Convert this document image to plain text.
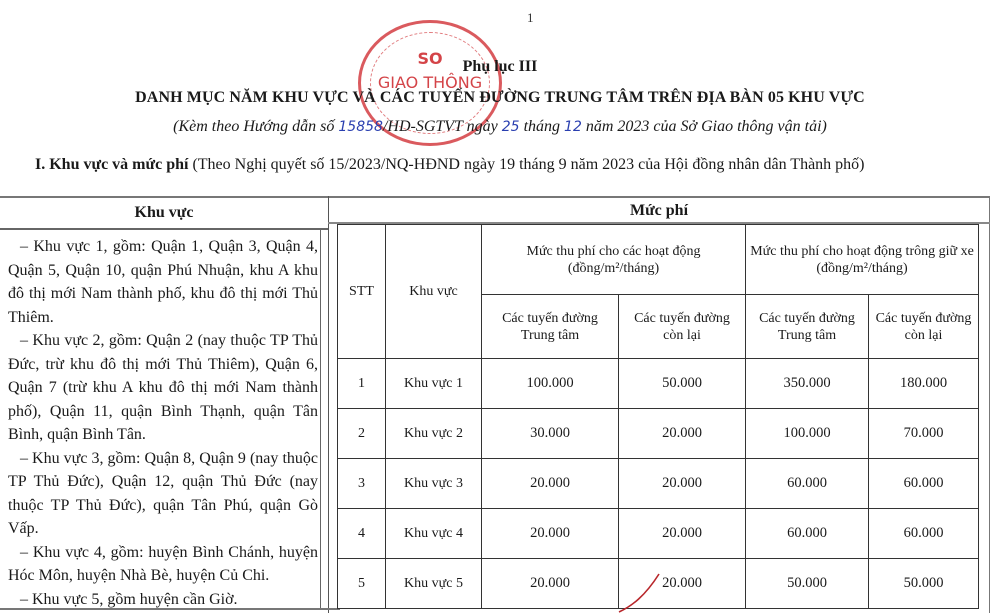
1
SO
GIAO THÔNG
Phụ lục III
DANH MỤC NĂM KHU VỰC VÀ CÁC TUYẾN ĐƯỜNG TRUNG TÂM TRÊN ĐỊA BÀN 05 KHU VỰC
(Kèm theo Hướng dẫn số 15858/HD-SGTVT ngày 25 tháng 12 năm 2023 của Sở Giao thông vận tải)
I. Khu vực và mức phí (Theo Nghị quyết số 15/2023/NQ-HĐND ngày 19 tháng 9 năm 2023 của Hội đồng nhân dân Thành phố)
Khu vực	Mức phí

– Khu vực 1, gồm: Quận 1, Quận 3, Quận 4, Quận 5, Quận 10, quận Phú Nhuận, khu A khu đô thị mới Nam thành phố, khu đô thị mới Thủ Thiêm.

– Khu vực 2, gồm: Quận 2 (nay thuộc TP Thủ Đức, trừ khu đô thị mới Thủ Thiêm), Quận 6, Quận 7 (trừ khu A khu đô thị mới Nam thành phố), Quận 11, quận Bình Thạnh, quận Tân Bình, quận Bình Tân.

– Khu vực 3, gồm: Quận 8, Quận 9 (nay thuộc TP Thủ Đức), Quận 12, quận Thủ Đức (nay thuộc TP Thủ Đức), quận Tân Phú, quận Gò Vấp.

– Khu vực 4, gồm: huyện Bình Chánh, huyện Hóc Môn, huyện Nhà Bè, huyện Củ Chi.

– Khu vực 5, gồm huyện cần Giờ.

STT	Khu vực	Mức thu phí cho các hoạt động (đồng/m²/tháng)		Mức thu phí cho hoạt động trông giữ xe (đồng/m²/tháng)	
		Các tuyến đường Trung tâm	Các tuyến đường còn lại	Các tuyến đường Trung tâm	Các tuyến đường còn lại
1	Khu vực 1	100.000	50.000	350.000	180.000
2	Khu vực 2	30.000	20.000	100.000	70.000
3	Khu vực 3	20.000	20.000	60.000	60.000
4	Khu vực 4	20.000	20.000	60.000	60.000
5	Khu vực 5	20.000	20.000	50.000	50.000
